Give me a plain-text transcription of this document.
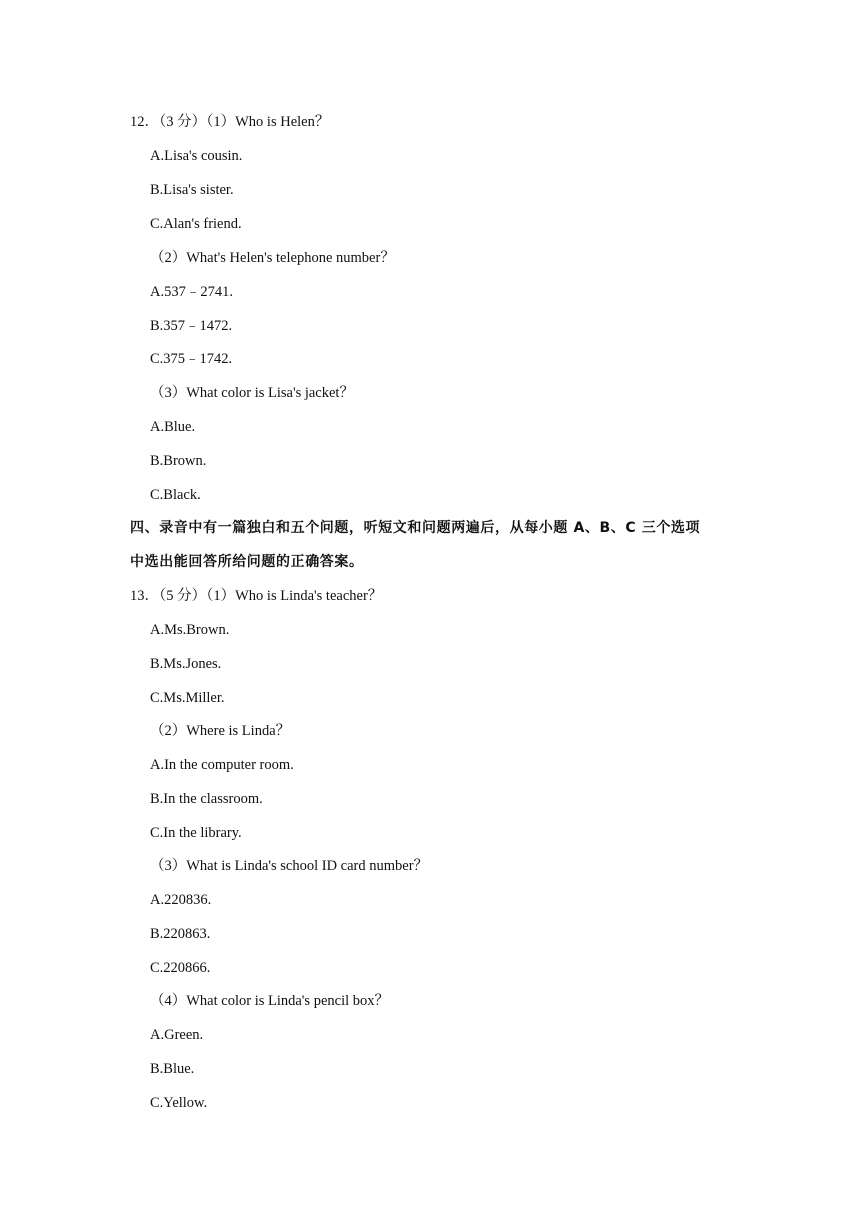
12．（3 分）（1）Who is Helen？
A.Lisa's cousin.
B.Lisa's sister.
C.Alan's friend.
（2）What's Helen's telephone number？
A.537﹣2741.
B.357﹣1472.
C.375﹣1742.
（3）What color is Lisa's jacket？
A.Blue.
B.Brown.
C.Black.
四、录音中有一篇独白和五个问题，听短文和问题两遍后，从每小题 A、B、C 三个选项
中选出能回答所给问题的正确答案。
13．（5 分）（1）Who is Linda's teacher？
A.Ms.Brown.
B.Ms.Jones.
C.Ms.Miller.
（2）Where is Linda？
A.In the computer room.
B.In the classroom.
C.In the library.
（3）What is Linda's school ID card number？
A.220836.
B.220863.
C.220866.
（4）What color is Linda's pencil box？
A.Green.
B.Blue.
C.Yellow.
